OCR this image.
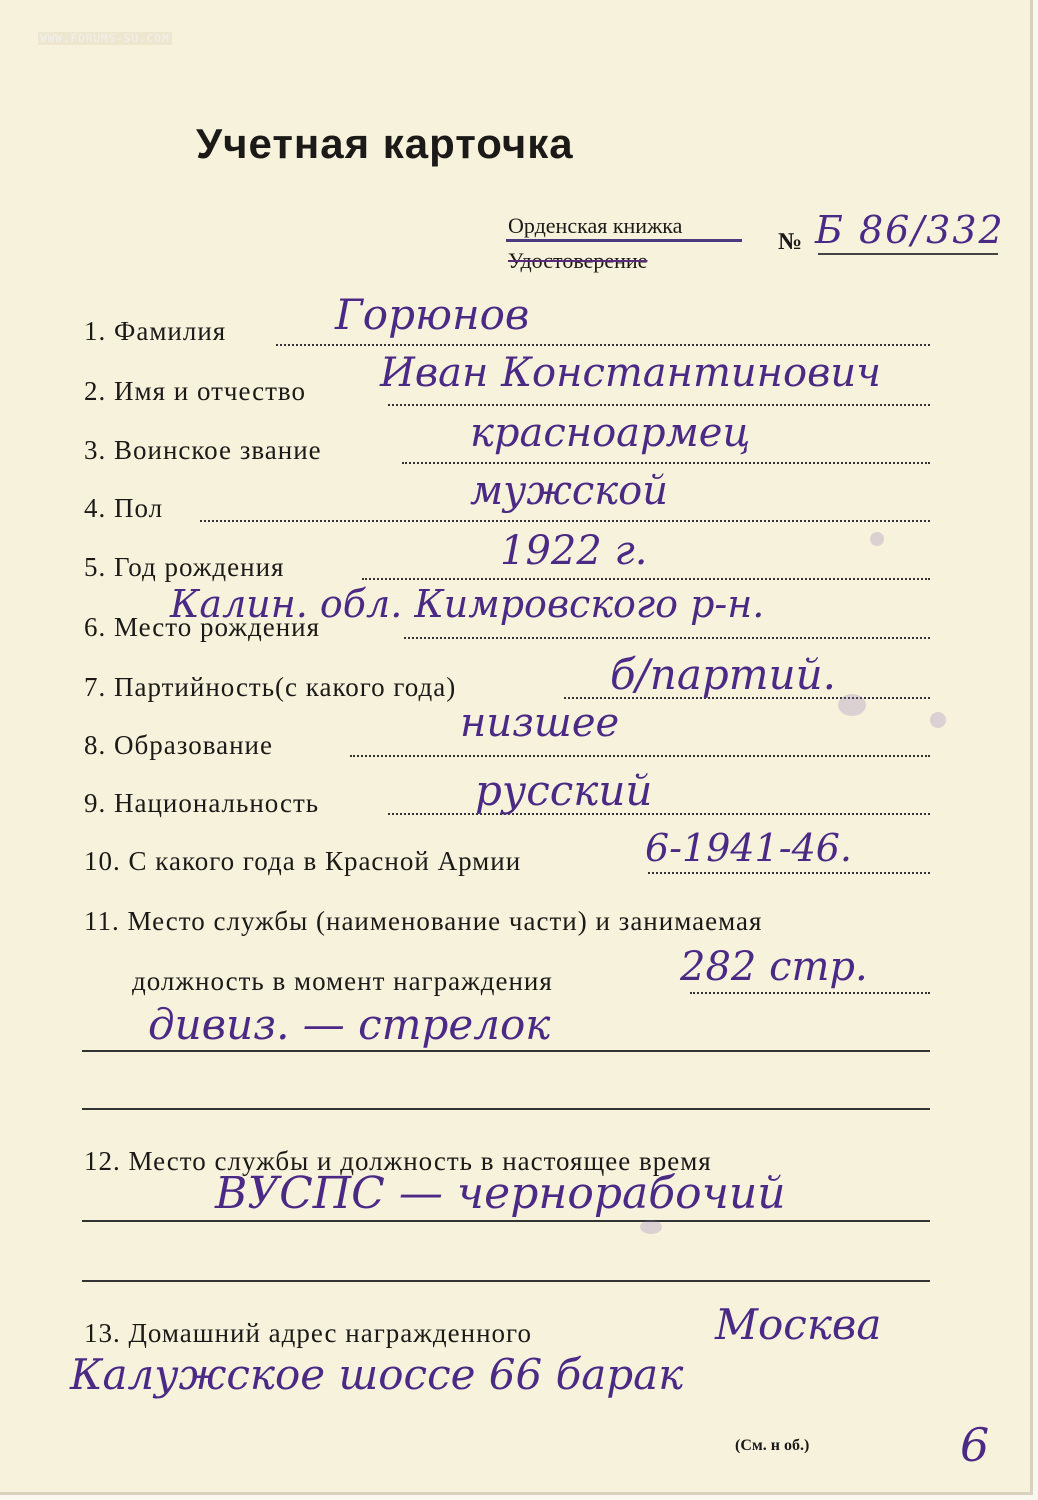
WWW.FORUMS-SU.COM
Учетная карточка
Орденская книжка
Удостоверение
№ Б 86/332
1. Фамилия	Горюнов
2. Имя и отчество Иван Константинович
3. Воинское звание	красноармец
4. Пол	мужской
5. Год рождения	1922 г.
6. Место рождения
Калин. обл. Кимровского р-н.
7. Партийность(с какого года)	б/партий.
8. Образование	низшее
9. Национальность	русский
10. С какого года в Красной Армии	6-1941-46.
11. Место службы (наименование части) и занимаемая
должность в момент награждения	282 стр.
дивиз. — стрелок
12. Место службы и должность в настоящее время
ВУСПС — чернорабочий
13. Домашний адрес награжденного	Москва
Калужское шоссе 66 барак
6
(См. н об.)
